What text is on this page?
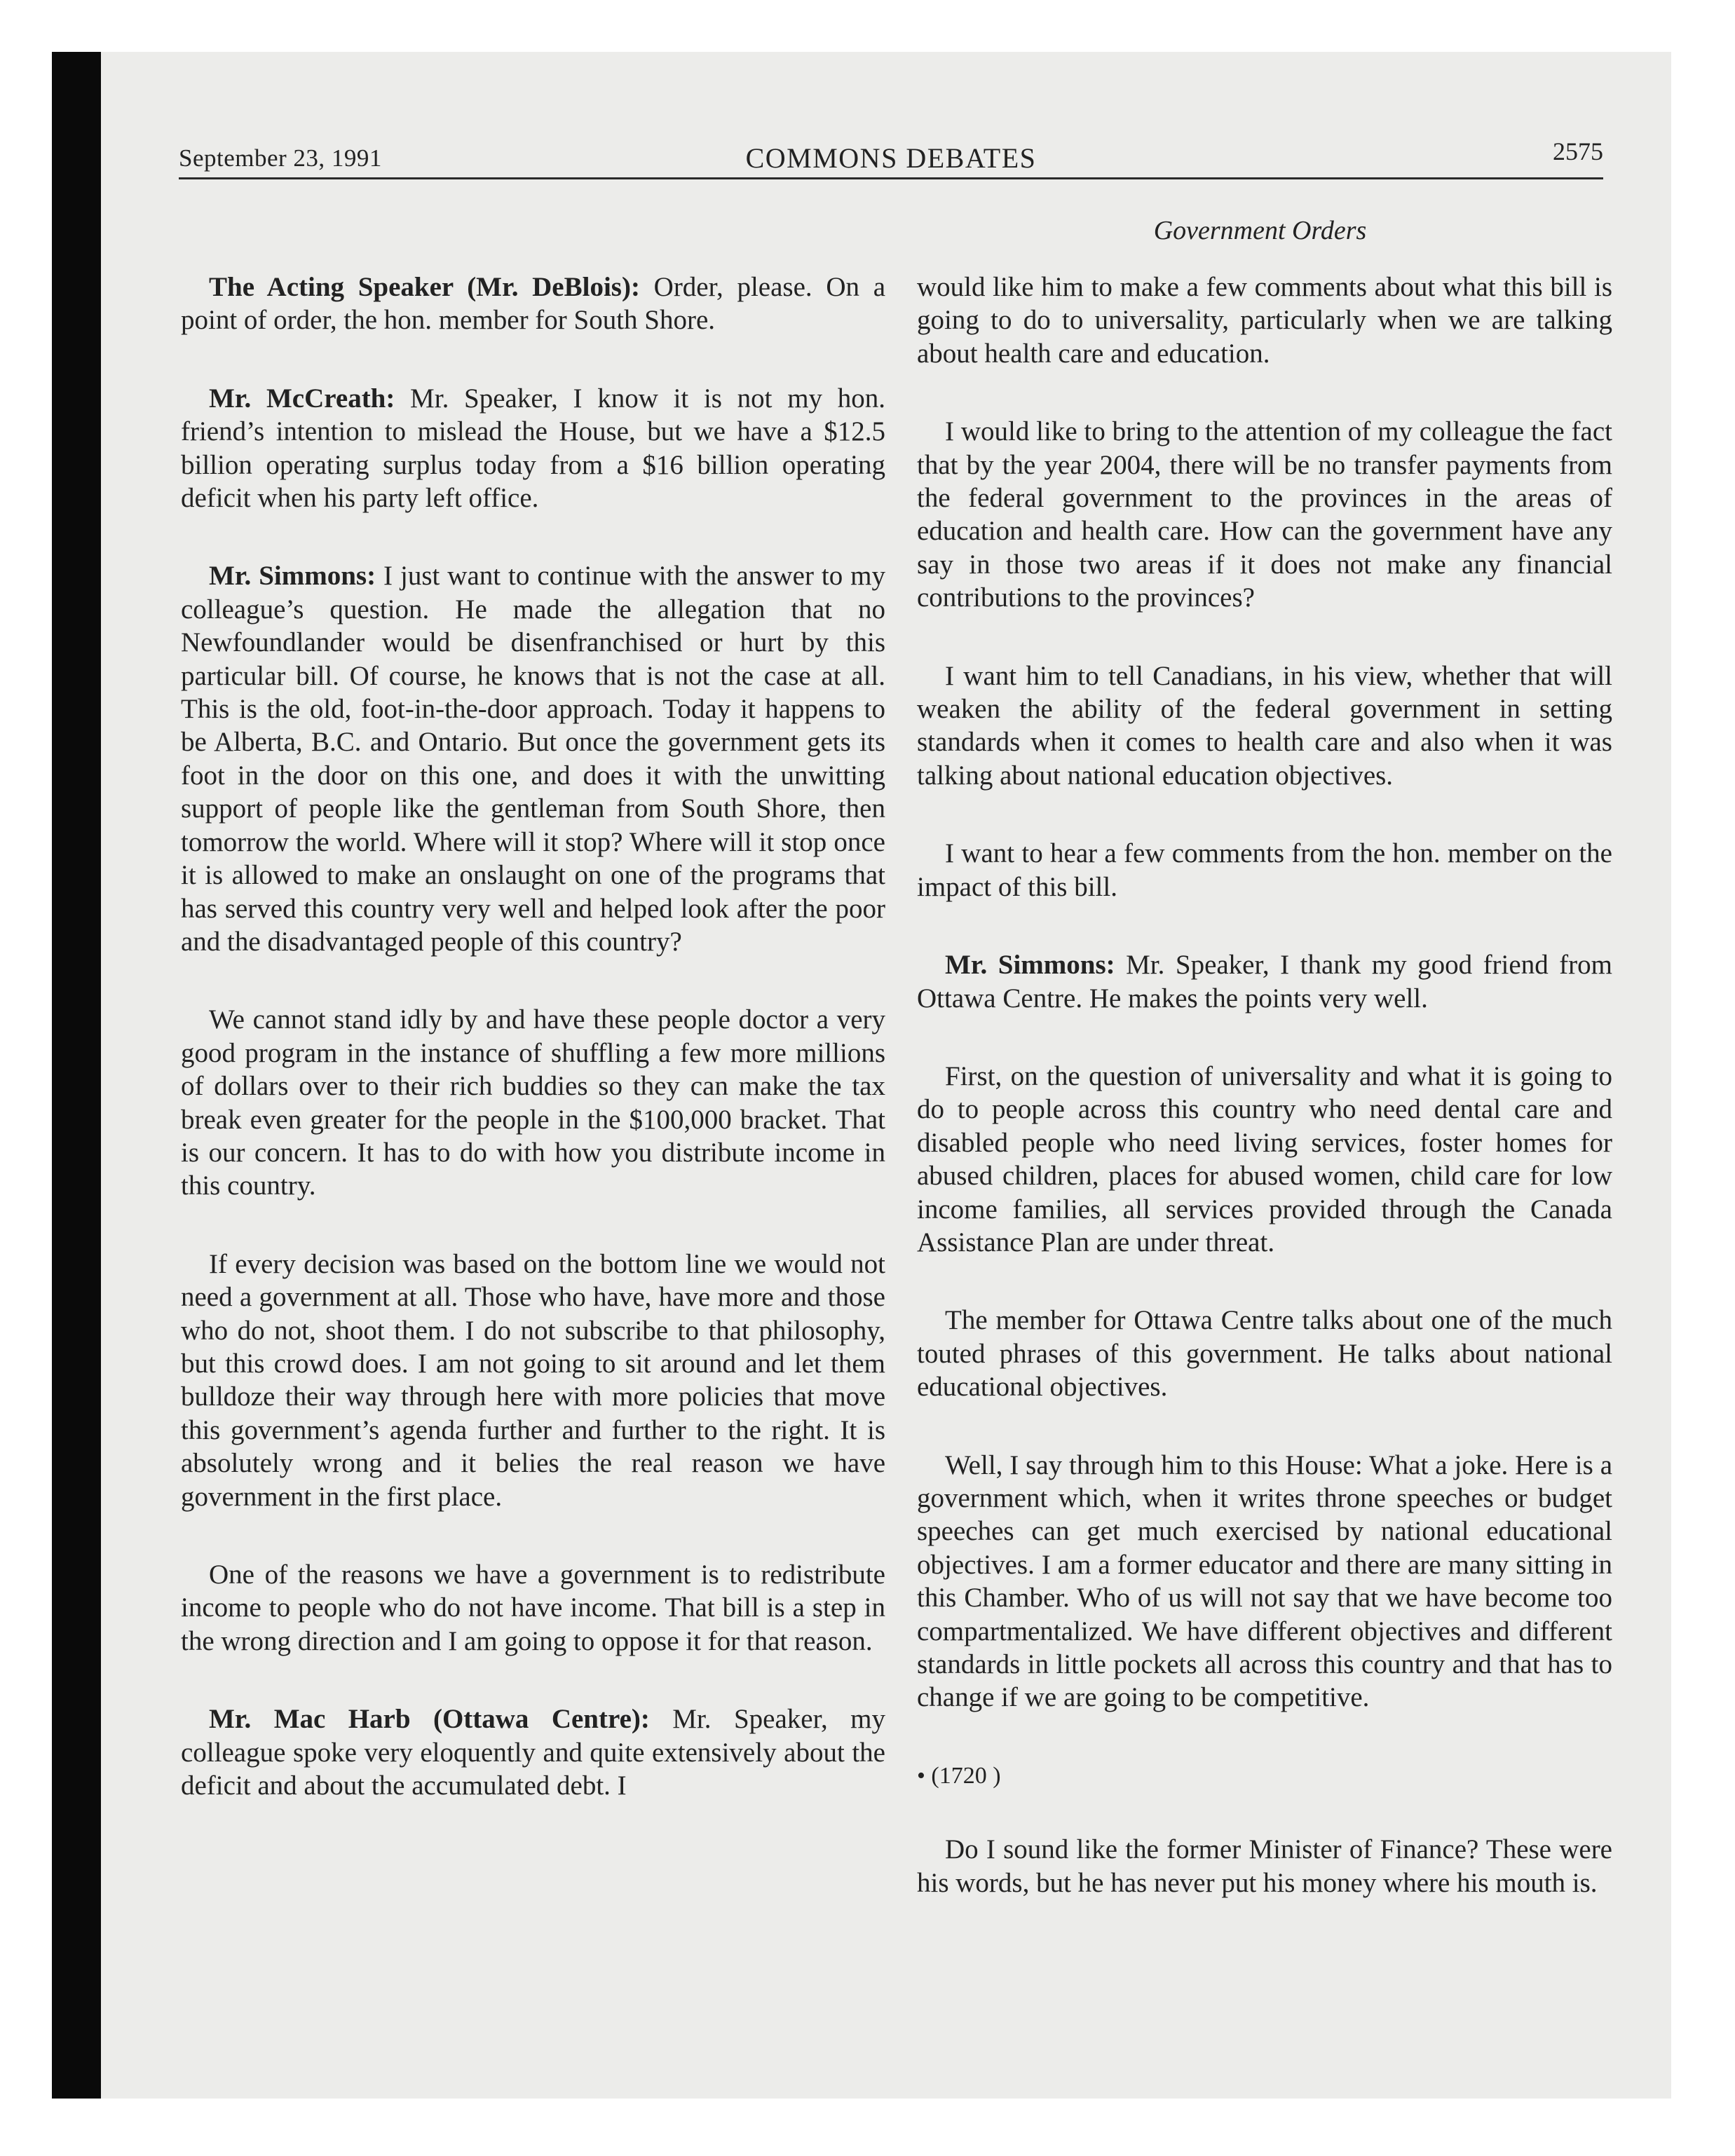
September 23, 1991	COMMONS DEBATES	2575
Government Orders

The Acting Speaker (Mr. DeBlois): Order, please. On a point of order, the hon. member for South Shore.

Mr. McCreath: Mr. Speaker, I know it is not my hon. friend’s intention to mislead the House, but we have a $12.5 billion operating surplus today from a $16 billion operating deficit when his party left office.

Mr. Simmons: I just want to continue with the answer to my colleague’s question. He made the allegation that no Newfoundlander would be disenfranchised or hurt by this particular bill. Of course, he knows that is not the case at all. This is the old, foot-in-the-door approach. Today it happens to be Alberta, B.C. and Ontario. But once the government gets its foot in the door on this one, and does it with the unwitting support of people like the gentleman from South Shore, then tomorrow the world. Where will it stop? Where will it stop once it is allowed to make an onslaught on one of the programs that has served this country very well and helped look after the poor and the disadvantaged people of this country?

We cannot stand idly by and have these people doctor a very good program in the instance of shuffling a few more millions of dollars over to their rich buddies so they can make the tax break even greater for the people in the $100,000 bracket. That is our concern. It has to do with how you distribute income in this country.

If every decision was based on the bottom line we would not need a government at all. Those who have, have more and those who do not, shoot them. I do not subscribe to that philosophy, but this crowd does. I am not going to sit around and let them bulldoze their way through here with more policies that move this government’s agenda further and further to the right. It is absolutely wrong and it belies the real reason we have government in the first place.

One of the reasons we have a government is to redistribute income to people who do not have income. That bill is a step in the wrong direction and I am going to oppose it for that reason.

Mr. Mac Harb (Ottawa Centre): Mr. Speaker, my colleague spoke very eloquently and quite extensively about the deficit and about the accumulated debt. I

would like him to make a few comments about what this bill is going to do to universality, particularly when we are talking about health care and education.

I would like to bring to the attention of my colleague the fact that by the year 2004, there will be no transfer payments from the federal government to the provinces in the areas of education and health care. How can the government have any say in those two areas if it does not make any financial contributions to the provinces?

I want him to tell Canadians, in his view, whether that will weaken the ability of the federal government in setting standards when it comes to health care and also when it was talking about national education objectives.

I want to hear a few comments from the hon. member on the impact of this bill.

Mr. Simmons: Mr. Speaker, I thank my good friend from Ottawa Centre. He makes the points very well.

First, on the question of universality and what it is going to do to people across this country who need dental care and disabled people who need living services, foster homes for abused children, places for abused women, child care for low income families, all services provided through the Canada Assistance Plan are under threat.

The member for Ottawa Centre talks about one of the much touted phrases of this government. He talks about national educational objectives.

Well, I say through him to this House: What a joke. Here is a government which, when it writes throne speeches or budget speeches can get much exercised by national educational objectives. I am a former educator and there are many sitting in this Chamber. Who of us will not say that we have become too compartmentalized. We have different objectives and different standards in little pockets all across this country and that has to change if we are going to be competitive.

• (1720 )

Do I sound like the former Minister of Finance? These were his words, but he has never put his money where his mouth is.
